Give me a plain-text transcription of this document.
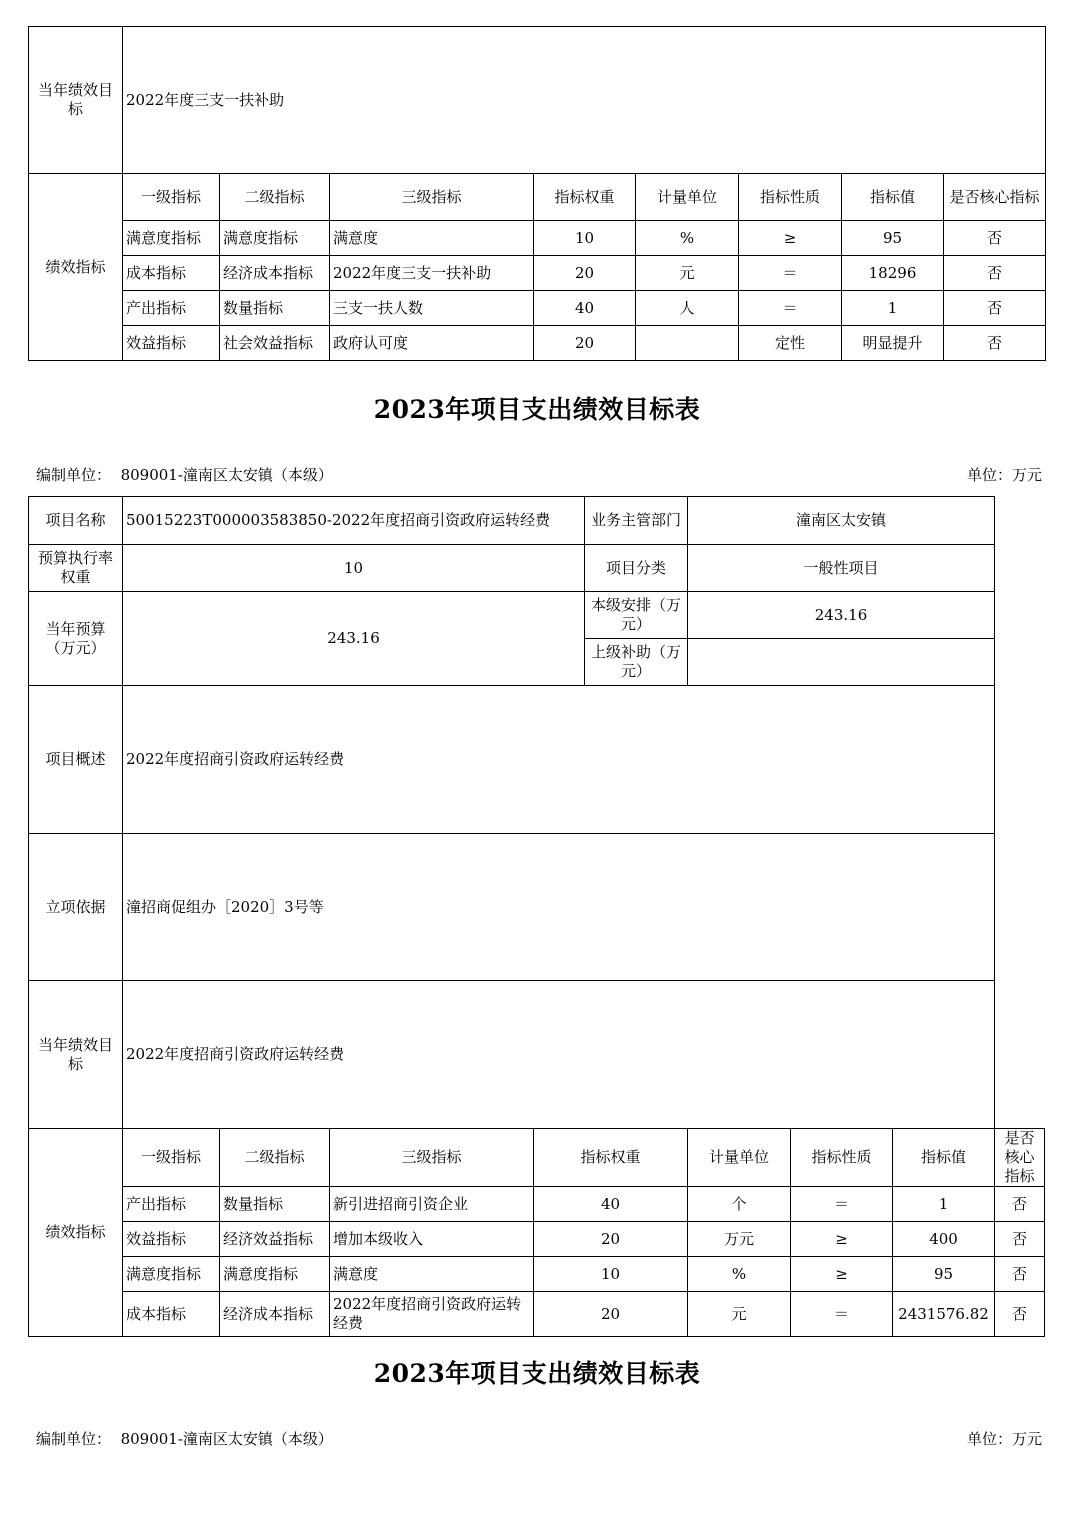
当年绩效目标	2022年度三支一扶补助							
绩效指标	一级指标	二级指标	三级指标	指标权重	计量单位	指标性质	指标值	是否核心指标
	满意度指标	满意度指标	满意度	10	%	≥	95	否
	成本指标	经济成本指标	2022年度三支一扶补助	20	元	＝	18296	否
	产出指标	数量指标	三支一扶人数	40	人	＝	1	否
	效益指标	社会效益指标	政府认可度	20		定性	明显提升	否
2023年项目支出绩效目标表
编制单位： 809001-潼南区太安镇（本级）	单位：万元
项目名称	50015223T000003583850-2022年度招商引资政府运转经费				业务主管部门	潼南区太安镇			
预算执行率权重	10				项目分类	一般性项目			
当年预算（万元）	243.16				本级安排（万元）	243.16			
					上级补助（万元）				
项目概述	2022年度招商引资政府运转经费								
立项依据	潼招商促组办［2020］3号等								
当年绩效目标	2022年度招商引资政府运转经费								
绩效指标	一级指标	二级指标	三级指标	指标权重		计量单位	指标性质	指标值	是否核心指标
	产出指标	数量指标	新引进招商引资企业	40		个	＝	1	否
	效益指标	经济效益指标	增加本级收入	20		万元	≥	400	否
	满意度指标	满意度指标	满意度	10		%	≥	95	否
	成本指标	经济成本指标	2022年度招商引资政府运转经费	20		元	＝	2431576.82	否
2023年项目支出绩效目标表
编制单位： 809001-潼南区太安镇（本级）	单位：万元
